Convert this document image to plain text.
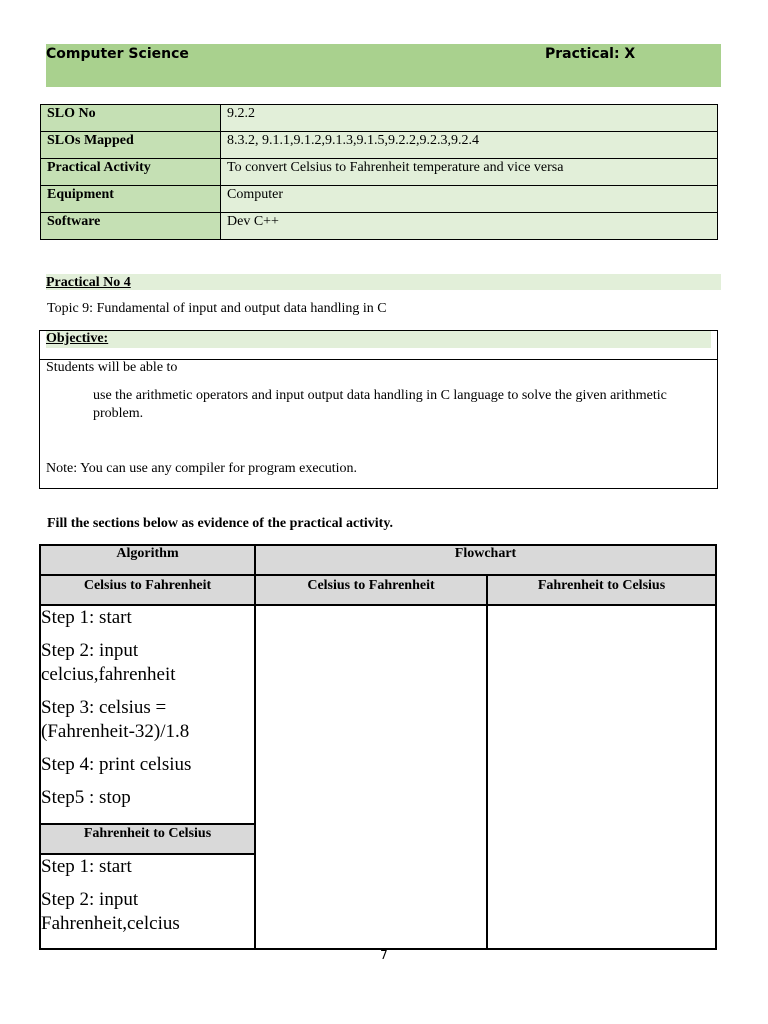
Computer Science	Practical: X
SLO No	9.2.2
SLOs Mapped	8.3.2, 9.1.1,9.1.2,9.1.3,9.1.5,9.2.2,9.2.3,9.2.4
Practical Activity	To convert Celsius to Fahrenheit temperature and vice versa
Equipment	Computer
Software	Dev C++
Practical No 4
Topic 9: Fundamental of input and output data handling in C
Objective:
Students will be able to
use the arithmetic operators and input output data handling in C language to solve the given arithmetic problem.
Note: You can use any compiler for program execution.
Fill the sections below as evidence of the practical activity.
Algorithm	Flowchart	
Celsius to Fahrenheit	Celsius to Fahrenheit	Fahrenheit to Celsius

Step 1: start

Step 2: input celcius,fahrenheit

Step 3: celsius = (Fahrenheit-32)/1.8

Step 4: print celsius

Step5 : stop		

Fahrenheit to Celsius		

Step 1: start

Step 2: input Fahrenheit,celcius		

7
